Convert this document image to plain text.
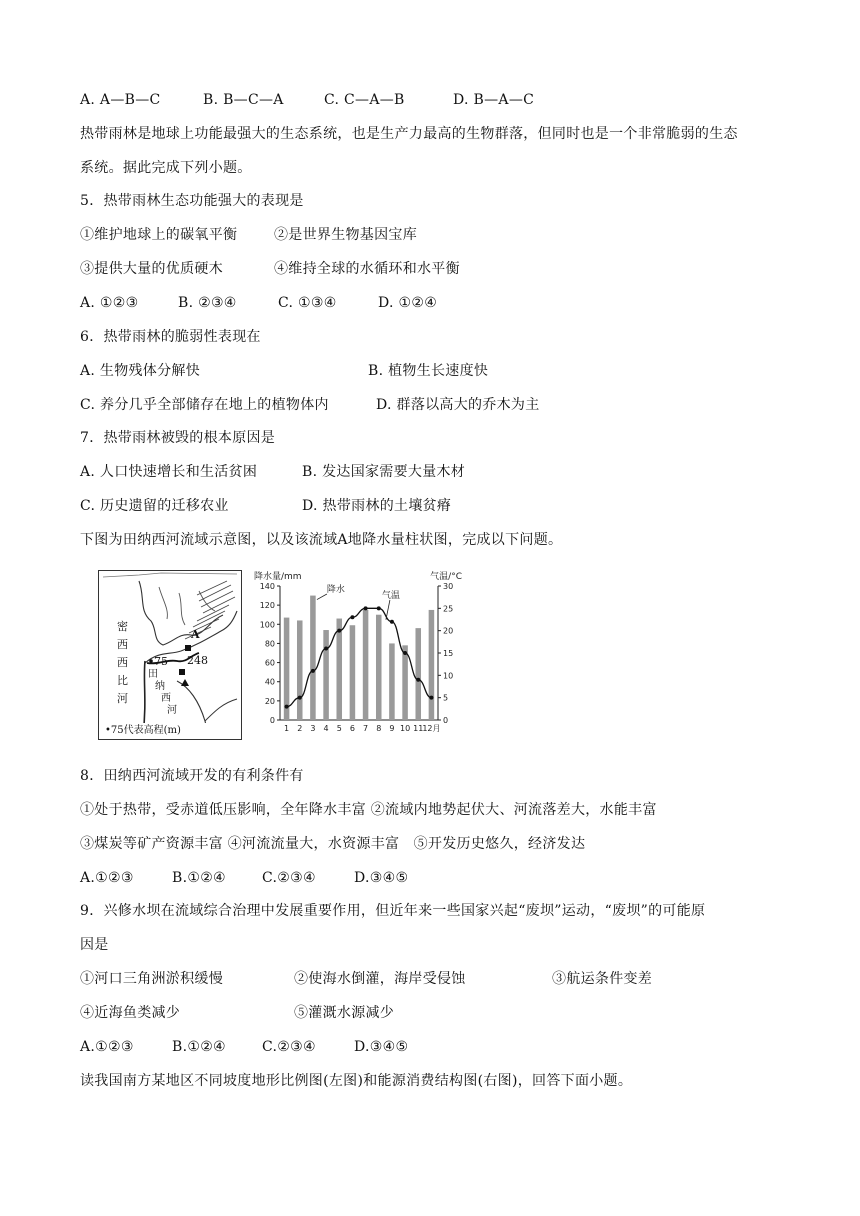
A. A—B—C	B. B—C—A	C. C—A—B	D. B—A—C
热带雨林是地球上功能最强大的生态系统，也是生产力最高的生物群落，但同时也是一个非常脆弱的生态
系统。据此完成下列小题。
5．热带雨林生态功能强大的表现是
①维护地球上的碳氧平衡	②是世界生物基因宝库
③提供大量的优质硬木	④维持全球的水循环和水平衡
A. ①②③	B. ②③④	C. ①③④	D. ①②④
6．热带雨林的脆弱性表现在
A. 生物残体分解快	B. 植物生长速度快
C. 养分几乎全部储存在地上的植物体内	D. 群落以高大的乔木为主
7．热带雨林被毁的根本原因是
A. 人口快速增长和生活贫困	B. 发达国家需要大量木材
C. 历史遗留的迁移农业	D. 热带雨林的土壤贫瘠
下图为田纳西河流域示意图，以及该流域A地降水量柱状图，完成以下问题。
密
西
西
比
河
田
纳
西
河
A
75 248
•75代表高程(m)
0
20
40
60
80
100
120
140
0
5
10
15
20
25
30
降水量/mm	气温/°C
1 2 3 4 5 6 7 8 9 10 11
12月
降水
气温
8．田纳西河流域开发的有利条件有
①处于热带，受赤道低压影响，全年降水丰富 ②流域内地势起伏大、河流落差大，水能丰富
③煤炭等矿产资源丰富 ④河流流量大，水资源丰富　⑤开发历史悠久，经济发达
A.①②③	B.①②④	C.②③④	D.③④⑤
9．兴修水坝在流域综合治理中发展重要作用，但近年来一些国家兴起“废坝”运动，“废坝”的可能原
因是
①河口三角洲淤积缓慢	②使海水倒灌，海岸受侵蚀	③航运条件变差
④近海鱼类减少	⑤灌溉水源减少
A.①②③	B.①②④	C.②③④	D.③④⑤
读我国南方某地区不同坡度地形比例图(左图)和能源消费结构图(右图)，回答下面小题。
